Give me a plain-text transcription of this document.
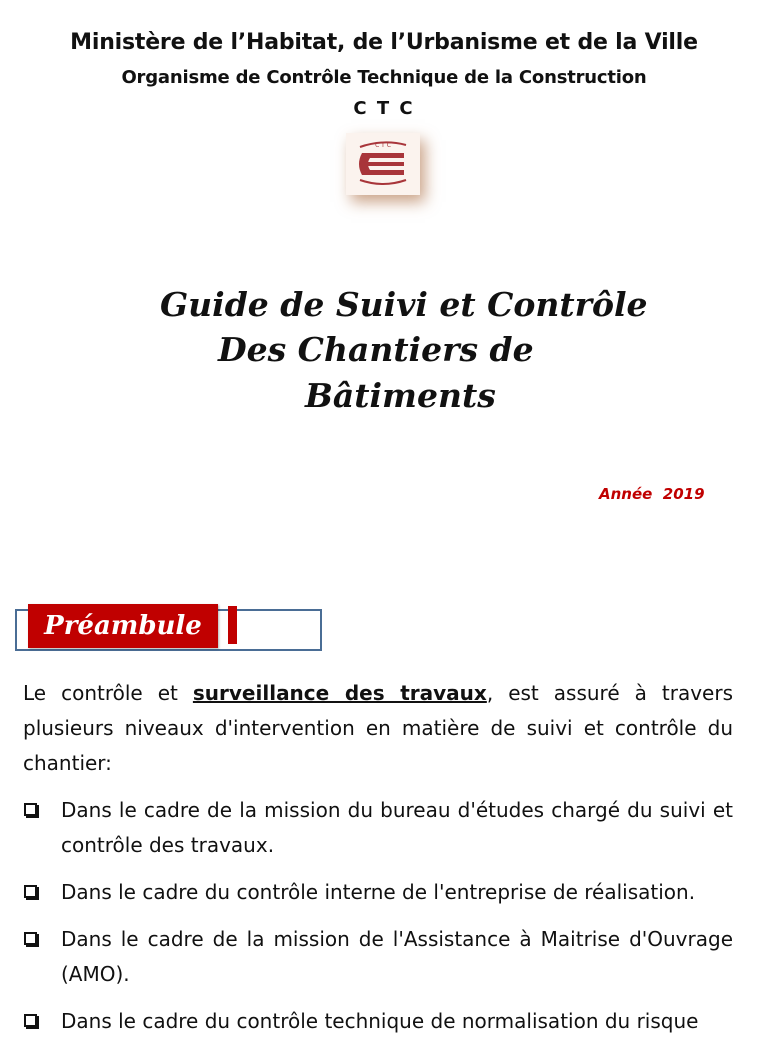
Ministère de l’Habitat, de l’Urbanisme et de la Ville
Organisme de Contrôle Technique de la Construction
C T C
C T C

Guide de Suivi et Contrôle

Des Chantiers de

Bâtiments

Année  2019

Préambule

Le contrôle et surveillance des travaux, est assuré à travers plusieurs niveaux d'intervention en matière de suivi et contrôle du chantier:

Dans le cadre de la mission du bureau d'études chargé du suivi et contrôle des travaux.
Dans le cadre du contrôle interne de l'entreprise de réalisation.
Dans le cadre de la mission de l'Assistance à Maitrise d'Ouvrage (AMO).
Dans le cadre du contrôle technique de normalisation du risque
